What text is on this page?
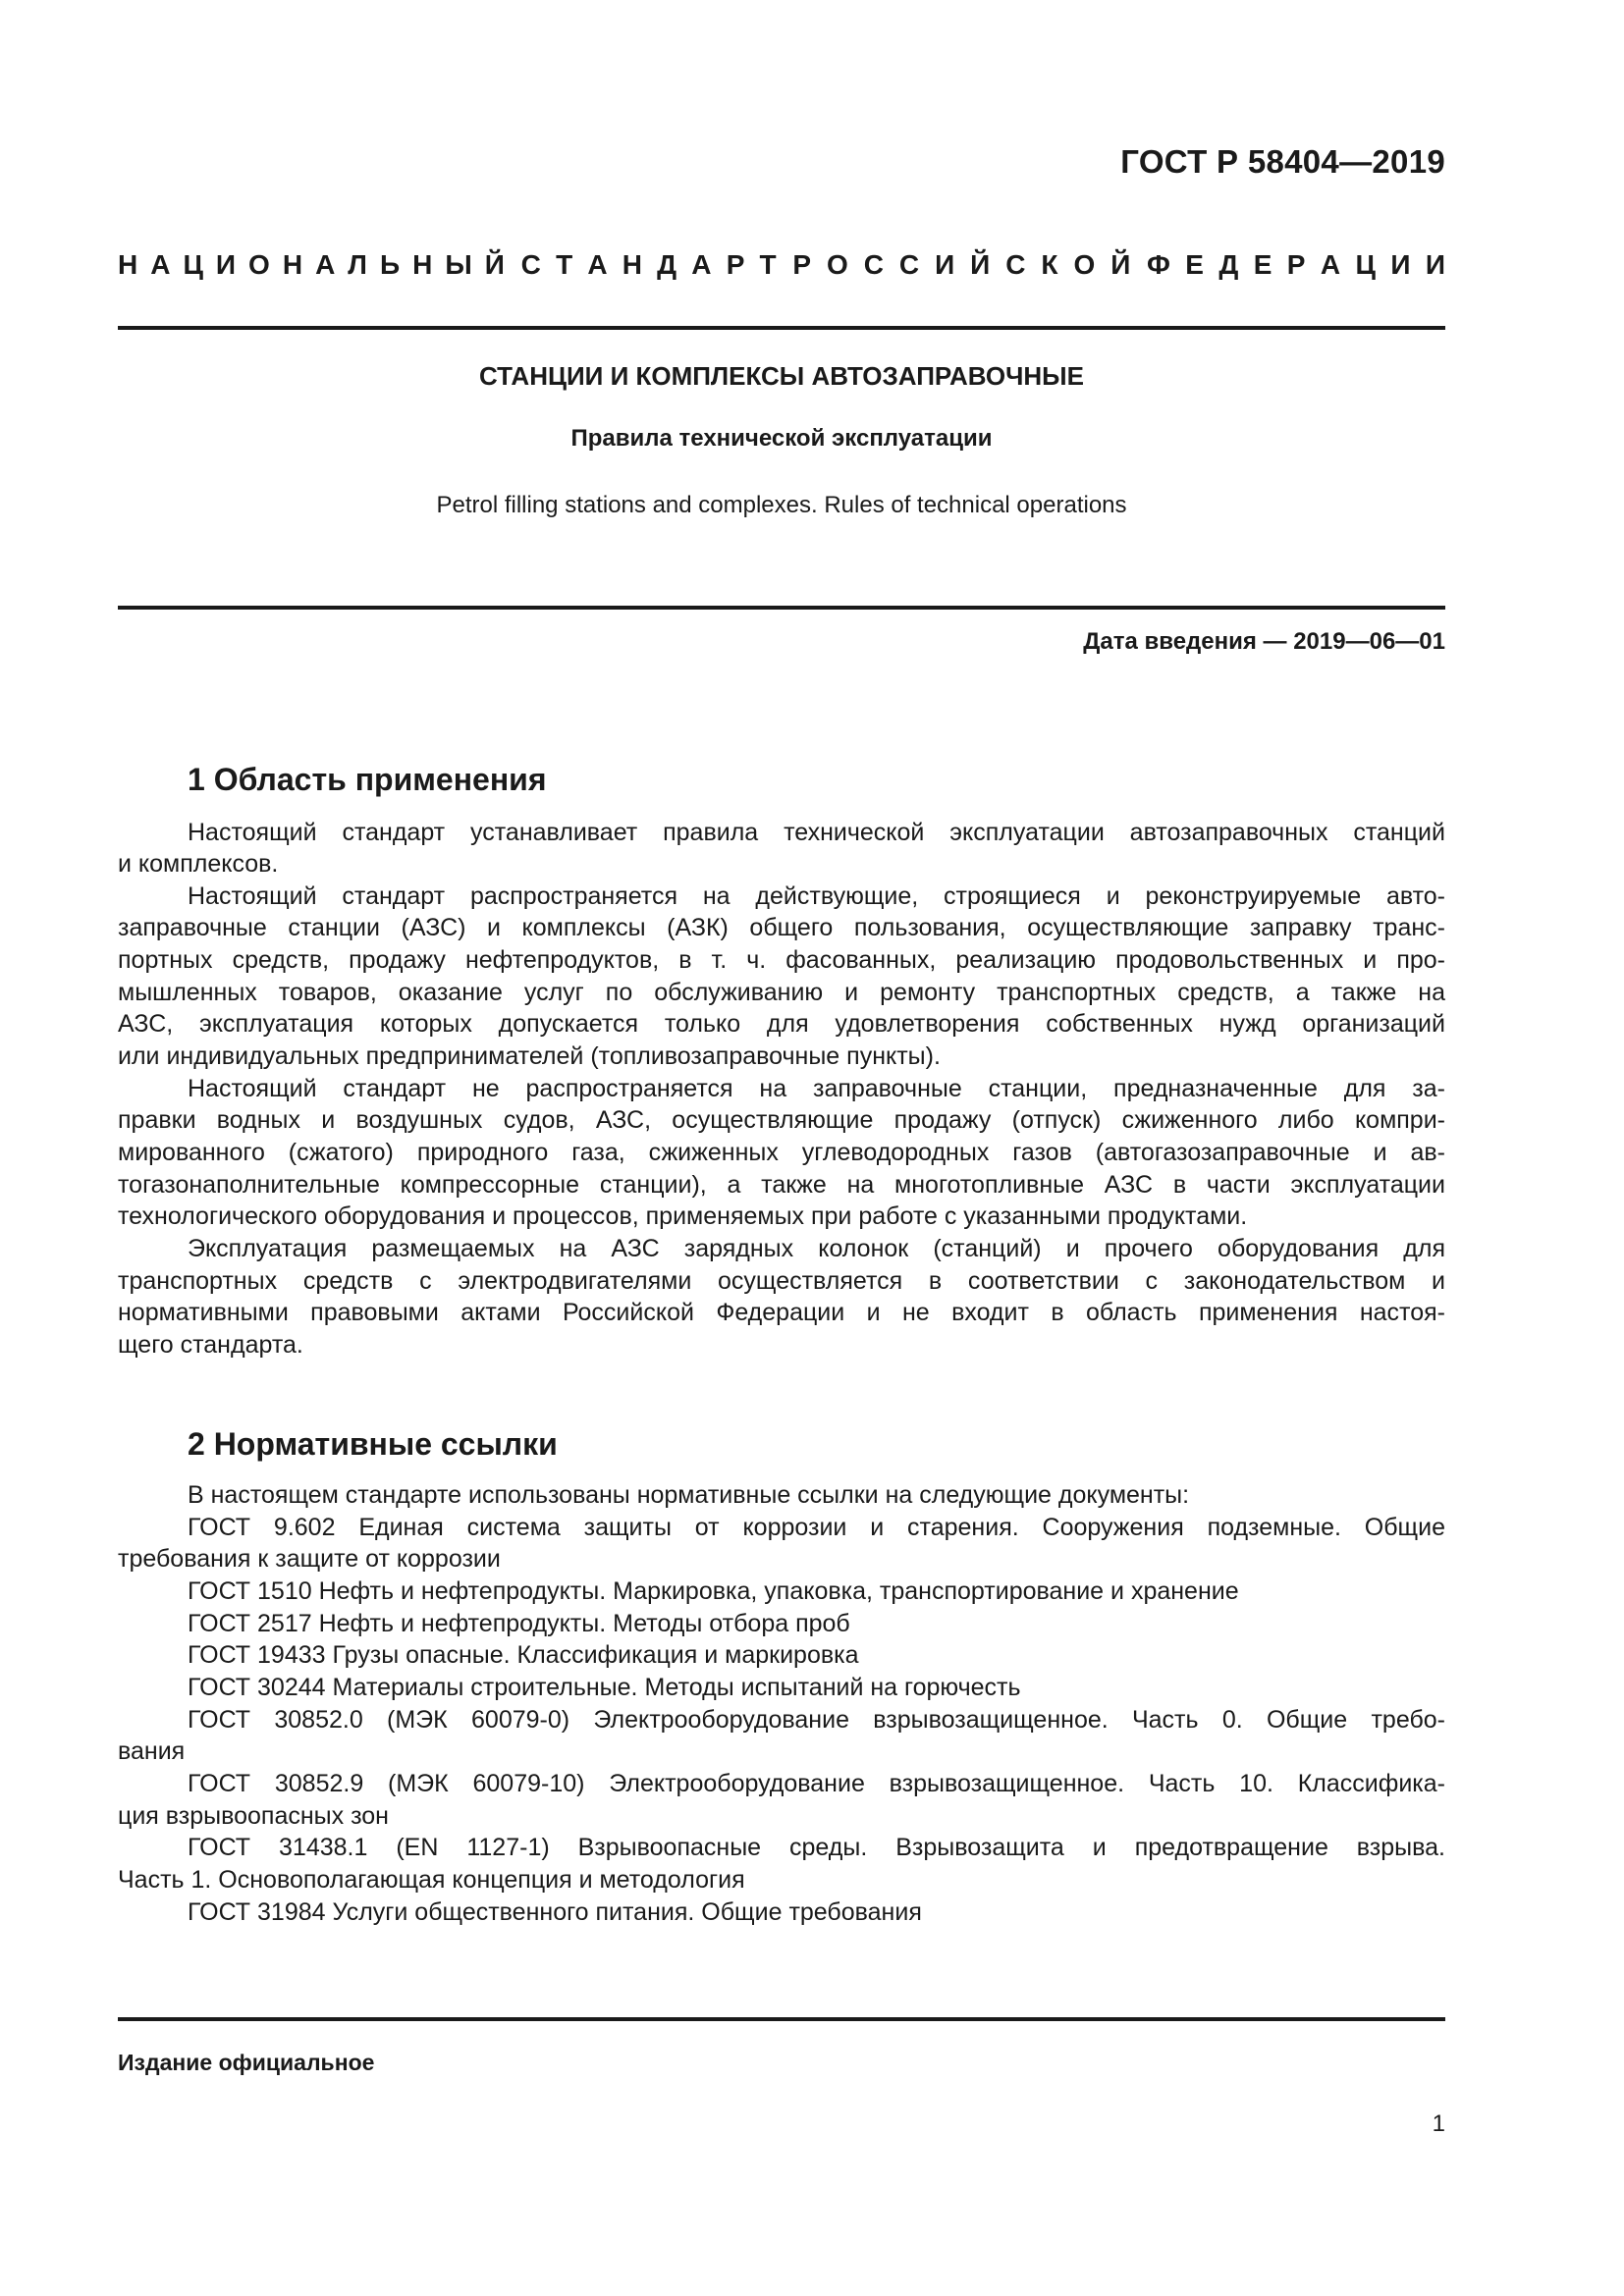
ГОСТ Р 58404—2019
Н А Ц И О Н А Л Ь Н Ы Й С Т А Н Д А Р Т Р О С С И Й С К О Й Ф Е Д Е Р А Ц И И
СТАНЦИИ И КОМПЛЕКСЫ АВТОЗАПРАВОЧНЫЕ
Правила технической эксплуатации
Petrol filling stations and complexes. Rules of technical operations
Дата введения — 2019—06—01
1 Область применения
Настоящий стандарт устанавливает правила технической эксплуатации автозаправочных станций
и комплексов.
Настоящий стандарт распространяется на действующие, строящиеся и реконструируемые авто-
заправочные станции (АЗС) и комплексы (АЗК) общего пользования, осуществляющие заправку транс-
портных средств, продажу нефтепродуктов, в т. ч. фасованных, реализацию продовольственных и про-
мышленных товаров, оказание услуг по обслуживанию и ремонту транспортных средств, а также на
АЗС, эксплуатация которых допускается только для удовлетворения собственных нужд организаций
или индивидуальных предпринимателей (топливозаправочные пункты).
Настоящий стандарт не распространяется на заправочные станции, предназначенные для за-
правки водных и воздушных судов, АЗС, осуществляющие продажу (отпуск) сжиженного либо компри-
мированного (сжатого) природного газа, сжиженных углеводородных газов (автогазозаправочные и ав-
тогазонаполнительные компрессорные станции), а также на многотопливные АЗС в части эксплуатации
технологического оборудования и процессов, применяемых при работе с указанными продуктами.
Эксплуатация размещаемых на АЗС зарядных колонок (станций) и прочего оборудования для
транспортных средств с электродвигателями осуществляется в соответствии с законодательством и
нормативными правовыми актами Российской Федерации и не входит в область применения настоя-
щего стандарта.
2 Нормативные ссылки
В настоящем стандарте использованы нормативные ссылки на следующие документы:
ГОСТ 9.602 Единая система защиты от коррозии и старения. Сооружения подземные. Общие
требования к защите от коррозии
ГОСТ 1510 Нефть и нефтепродукты. Маркировка, упаковка, транспортирование и хранение
ГОСТ 2517 Нефть и нефтепродукты. Методы отбора проб
ГОСТ 19433 Грузы опасные. Классификация и маркировка
ГОСТ 30244 Материалы строительные. Методы испытаний на горючесть
ГОСТ 30852.0 (МЭК 60079-0) Электрооборудование взрывозащищенное. Часть 0. Общие требо-
вания
ГОСТ 30852.9 (МЭК 60079-10) Электрооборудование взрывозащищенное. Часть 10. Классифика-
ция взрывоопасных зон
ГОСТ 31438.1 (EN 1127-1) Взрывоопасные среды. Взрывозащита и предотвращение взрыва.
Часть 1. Основополагающая концепция и методология
ГОСТ 31984 Услуги общественного питания. Общие требования
Издание официальное
1
